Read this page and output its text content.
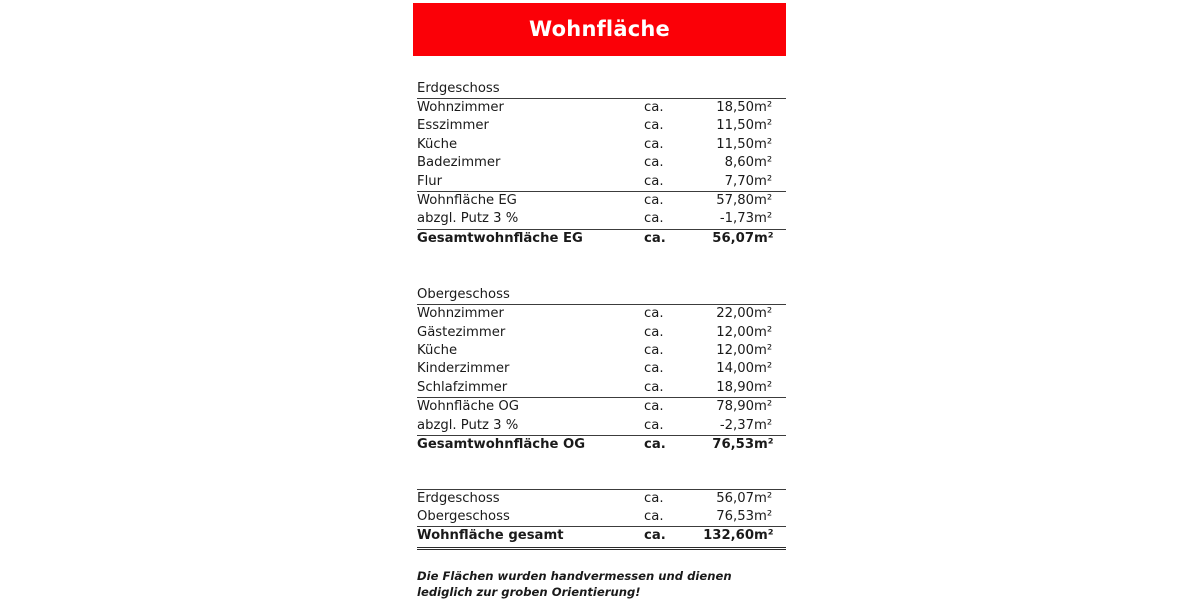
Wohnfläche
Erdgeschoss			
Wohnzimmer	ca.	18,50	m²
Esszimmer	ca.	11,50	m²
Küche	ca.	11,50	m²
Badezimmer	ca.	8,60	m²
Flur	ca.	7,70	m²
Wohnfläche EG	ca.	57,80	m²
abzgl. Putz 3 %	ca.	-1,73	m²
Gesamtwohnfläche EG	ca.	56,07	m²
Obergeschoss			
Wohnzimmer	ca.	22,00	m²
Gästezimmer	ca.	12,00	m²
Küche	ca.	12,00	m²
Kinderzimmer	ca.	14,00	m²
Schlafzimmer	ca.	18,90	m²
Wohnfläche OG	ca.	78,90	m²
abzgl. Putz 3 %	ca.	-2,37	m²
Gesamtwohnfläche OG	ca.	76,53	m²
Erdgeschoss	ca.	56,07	m²
Obergeschoss	ca.	76,53	m²
Wohnfläche gesamt	ca.	132,60	m²
Die Flächen wurden handvermessen und dienen lediglich zur groben Orientierung!
